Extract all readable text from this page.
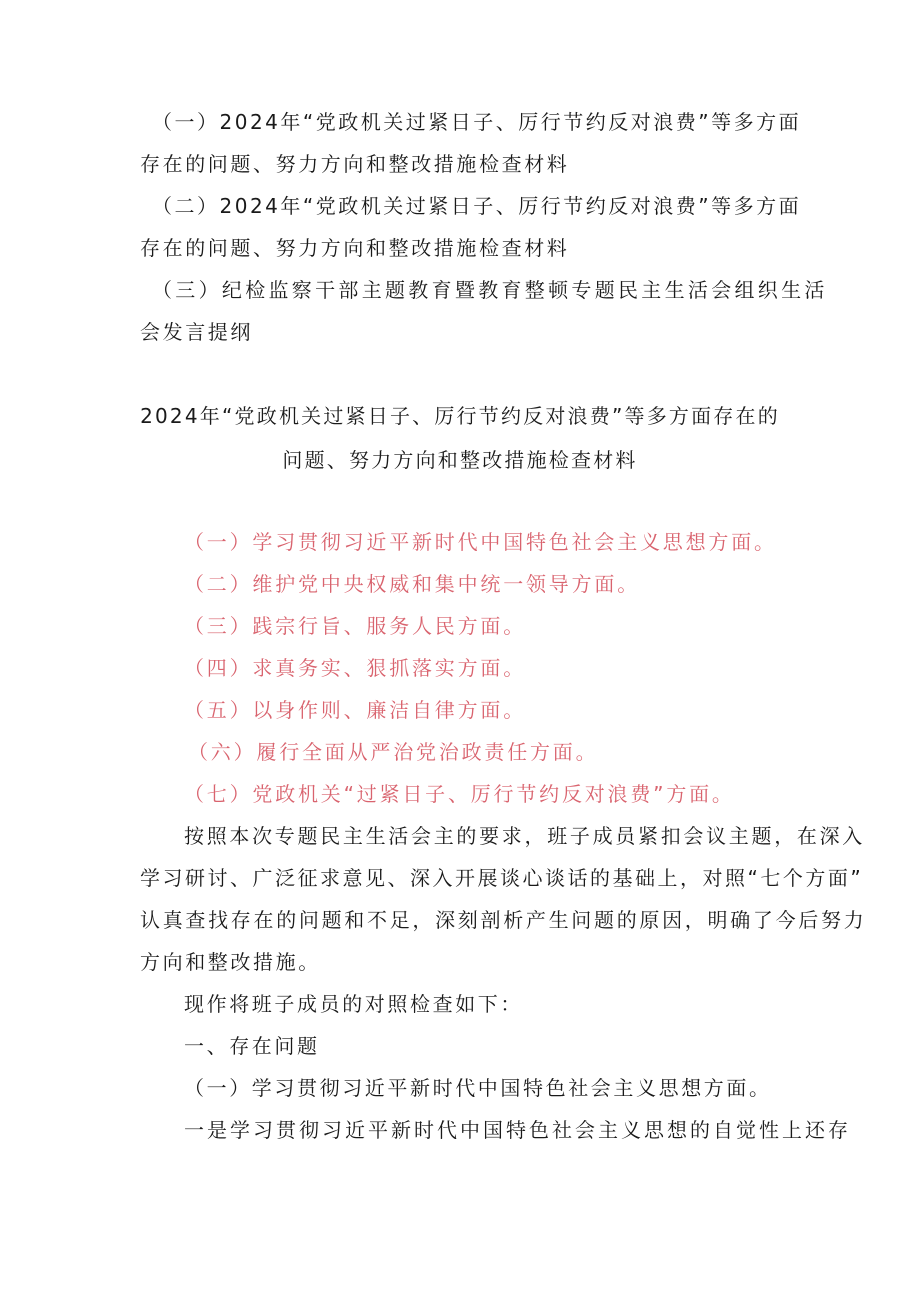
（一）2024年“党政机关过紧日子、厉行节约反对浪费”等多方面
存在的问题、努力方向和整改措施检查材料
（二）2024年“党政机关过紧日子、厉行节约反对浪费”等多方面
存在的问题、努力方向和整改措施检查材料
（三）纪检监察干部主题教育暨教育整顿专题民主生活会组织生活
会发言提纲
2024年“党政机关过紧日子、厉行节约反对浪费”等多方面存在的
问题、努力方向和整改措施检查材料
（一）学习贯彻习近平新时代中国特色社会主义思想方面。
（二）维护党中央权威和集中统一领导方面。
（三）践宗行旨、服务人民方面。
（四）求真务实、狠抓落实方面。
（五）以身作则、廉洁自律方面。
（六）履行全面从严治党治政责任方面。
（七）党政机关“过紧日子、厉行节约反对浪费”方面。
按照本次专题民主生活会主的要求，班子成员紧扣会议主题，在深入
学习研讨、广泛征求意见、深入开展谈心谈话的基础上，对照“七个方面”
认真查找存在的问题和不足，深刻剖析产生问题的原因，明确了今后努力
方向和整改措施。
现作将班子成员的对照检查如下：
一、存在问题
（一）学习贯彻习近平新时代中国特色社会主义思想方面。
一是学习贯彻习近平新时代中国特色社会主义思想的自觉性上还存
